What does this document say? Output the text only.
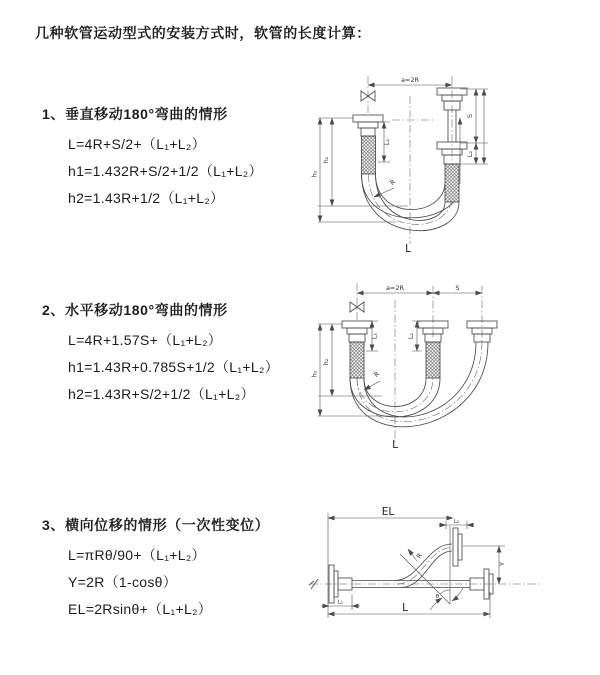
几种软管运动型式的安装方式时，软管的长度计算：
1、垂直移动180°弯曲的情形
L=4R+S/2+（L₁+L₂）
h1=1.432R+S/2+1/2（L₁+L₂）
h2=1.43R+1/2（L₁+L₂）
2、水平移动180°弯曲的情形
L=4R+1.57S+（L₁+L₂）
h1=1.43R+0.785S+1/2（L₁+L₂）
h2=1.43R+S/2+1/2（L₁+L₂）
3、横向位移的情形（一次性变位）
L=πRθ/90+（L₁+L₂）
Y=2R（1-cosθ）
EL=2Rsinθ+（L₁+L₂）
a=2R
S
L₂
h₂
h₁
L₁
R
L
a=2R	S
L₁	L₂
h₂
h₁	R
L
EL
L
Y
R
θ
L₁
L₂
